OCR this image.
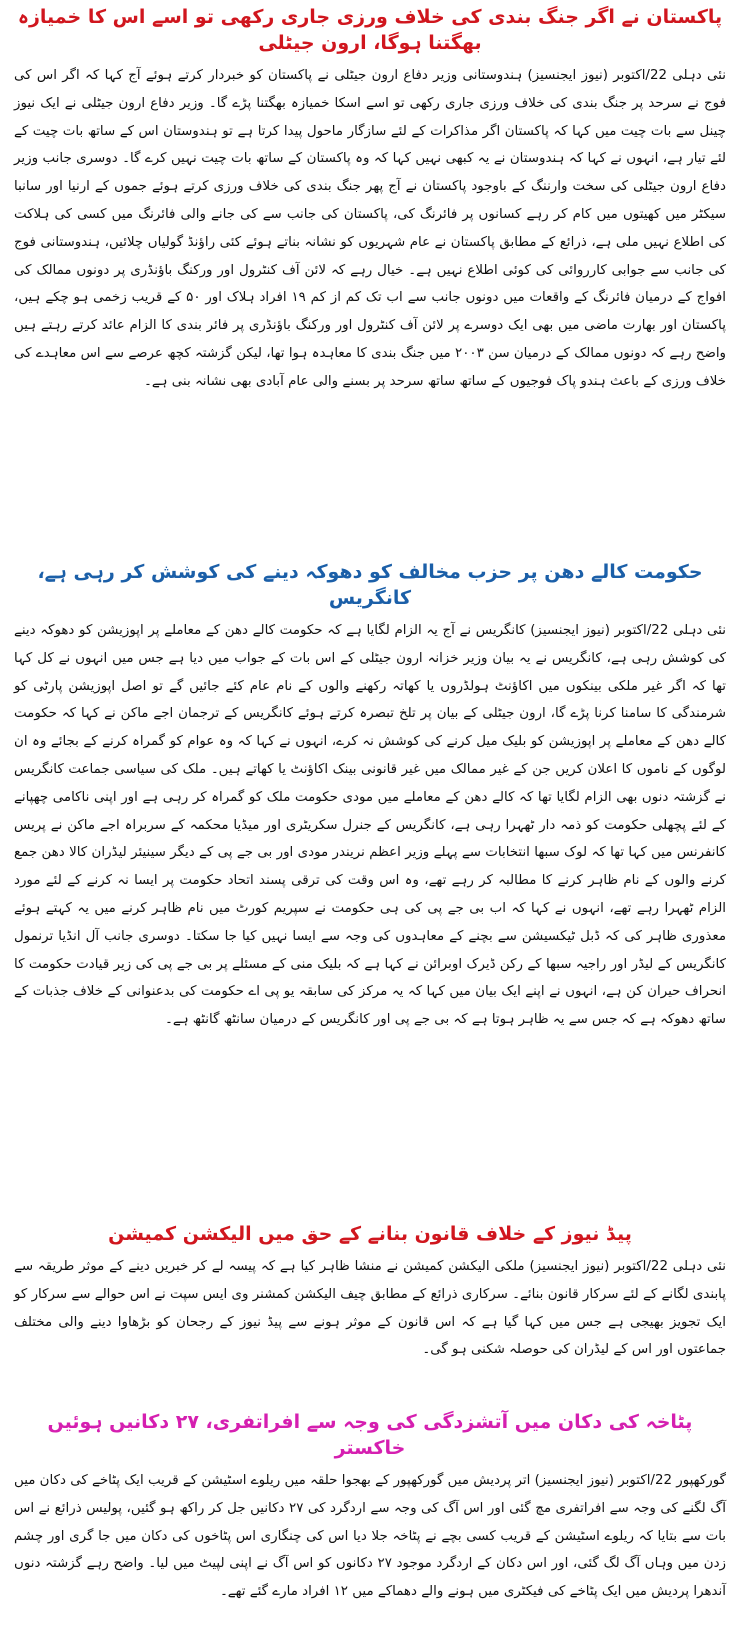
پاکستان نے اگر جنگ بندی کی خلاف ورزی جاری رکھی تو اسے اس کا خمیازہ بھگتنا ہوگا، ارون جیٹلی

نئی دہلی 22/اکتوبر (نیوز ایجنسیز) ہندوستانی وزیر دفاع ارون جیٹلی نے پاکستان کو خبردار کرتے ہوئے آج کہا کہ اگر اس کی فوج نے سرحد پر جنگ بندی کی خلاف ورزی جاری رکھی تو اسے اسکا خمیازہ بھگتنا پڑے گا۔ وزیر دفاع ارون جیٹلی نے ایک نیوز چینل سے بات چیت میں کہا کہ پاکستان اگر مذاکرات کے لئے سازگار ماحول پیدا کرتا ہے تو ہندوستان اس کے ساتھ بات چیت کے لئے تیار ہے، انہوں نے کہا کہ ہندوستان نے یہ کبھی نہیں کہا کہ وہ پاکستان کے ساتھ بات چیت نہیں کرے گا۔ دوسری جانب وزیر دفاع ارون جیٹلی کی سخت وارننگ کے باوجود پاکستان نے آج پھر جنگ بندی کی خلاف ورزی کرتے ہوئے جموں کے ارنیا اور سانبا سیکٹر میں کھیتوں میں کام کر رہے کسانوں پر فائرنگ کی، پاکستان کی جانب سے کی جانے والی فائرنگ میں کسی کی ہلاکت کی اطلاع نہیں ملی ہے، ذرائع کے مطابق پاکستان نے عام شہریوں کو نشانہ بناتے ہوئے کئی راؤنڈ گولیاں چلائیں، ہندوستانی فوج کی جانب سے جوابی کارروائی کی کوئی اطلاع نہیں ہے۔ خیال رہے کہ لائن آف کنٹرول اور ورکنگ باؤنڈری پر دونوں ممالک کی افواج کے درمیان فائرنگ کے واقعات میں دونوں جانب سے اب تک کم از کم ۱۹ افراد ہلاک اور ۵۰ کے قریب زخمی ہو چکے ہیں، پاکستان اور بھارت ماضی میں بھی ایک دوسرے پر لائن آف کنٹرول اور ورکنگ باؤنڈری پر فائر بندی کا الزام عائد کرتے رہتے ہیں واضح رہے کہ دونوں ممالک کے درمیان سن ۲۰۰۳ میں جنگ بندی کا معاہدہ ہوا تھا، لیکن گزشتہ کچھ عرصے سے اس معاہدے کی خلاف ورزی کے باعث ہندو پاک فوجیوں کے ساتھ ساتھ سرحد پر بسنے والی عام آبادی بھی نشانہ بنی ہے۔

حکومت کالے دھن پر حزب مخالف کو دھوکہ دینے کی کوشش کر رہی ہے، کانگریس

نئی دہلی 22/اکتوبر (نیوز ایجنسیز) کانگریس نے آج یہ الزام لگایا ہے کہ حکومت کالے دھن کے معاملے پر اپوزیشن کو دھوکہ دینے کی کوشش رہی ہے، کانگریس نے یہ بیان وزیر خزانہ ارون جیٹلی کے اس بات کے جواب میں دیا ہے جس میں انہوں نے کل کہا تھا کہ اگر غیر ملکی بینکوں میں اکاؤنٹ ہولڈروں یا کھاتہ رکھنے والوں کے نام عام کئے جائیں گے تو اصل اپوزیشن پارٹی کو شرمندگی کا سامنا کرنا پڑے گا، ارون جیٹلی کے بیان پر تلخ تبصرہ کرتے ہوئے کانگریس کے ترجمان اجے ماکن نے کہا کہ حکومت کالے دھن کے معاملے پر اپوزیشن کو بلیک میل کرنے کی کوشش نہ کرے، انہوں نے کہا کہ وہ عوام کو گمراہ کرنے کے بجائے وہ ان لوگوں کے ناموں کا اعلان کریں جن کے غیر ممالک میں غیر قانونی بینک اکاؤنٹ یا کھاتے ہیں۔ ملک کی سیاسی جماعت کانگریس نے گزشتہ دنوں بھی الزام لگایا تھا کہ کالے دھن کے معاملے میں مودی حکومت ملک کو گمراہ کر رہی ہے اور اپنی ناکامی چھپانے کے لئے پچھلی حکومت کو ذمہ دار ٹھہرا رہی ہے، کانگریس کے جنرل سکریٹری اور میڈیا محکمہ کے سربراہ اجے ماکن نے پریس کانفرنس میں کہا تھا کہ لوک سبھا انتخابات سے پہلے وزیر اعظم نریندر مودی اور بی جے پی کے دیگر سینیئر لیڈران کالا دھن جمع کرنے والوں کے نام ظاہر کرنے کا مطالبہ کر رہے تھے، وہ اس وقت کی ترقی پسند اتحاد حکومت پر ایسا نہ کرنے کے لئے مورد الزام ٹھہرا رہے تھے، انہوں نے کہا کہ اب بی جے پی کی ہی حکومت نے سپریم کورٹ میں نام ظاہر کرنے میں یہ کہتے ہوئے معذوری ظاہر کی کہ ڈبل ٹیکسیشن سے بچنے کے معاہدوں کی وجہ سے ایسا نہیں کیا جا سکتا۔ دوسری جانب آل انڈیا ترنمول کانگریس کے لیڈر اور راجیہ سبھا کے رکن ڈیرک اوبرائن نے کہا ہے کہ بلیک منی کے مسئلے پر بی جے پی کی زیر قیادت حکومت کا انحراف حیران کن ہے، انہوں نے اپنے ایک بیان میں کہا کہ یہ مرکز کی سابقہ یو پی اے حکومت کی بدعنوانی کے خلاف جذبات کے ساتھ دھوکہ ہے کہ جس سے یہ ظاہر ہوتا ہے کہ بی جے پی اور کانگریس کے درمیان سانٹھ گانٹھ ہے۔

پیڈ نیوز کے خلاف قانون بنانے کے حق میں الیکشن کمیشن

نئی دہلی 22/اکتوبر (نیوز ایجنسیز) ملکی الیکشن کمیشن نے منشا ظاہر کیا ہے کہ پیسہ لے کر خبریں دینے کے موثر طریقہ سے پابندی لگانے کے لئے سرکار قانون بنائے۔ سرکاری ذرائع کے مطابق چیف الیکشن کمشنر وی ایس سپت نے اس حوالے سے سرکار کو ایک تجویز بھیجی ہے جس میں کہا گیا ہے کہ اس قانون کے موثر ہونے سے پیڈ نیوز کے رجحان کو بڑھاوا دینے والی مختلف جماعتوں اور اس کے لیڈران کی حوصلہ شکنی ہو گی۔

پٹاخہ کی دکان میں آتشزدگی کی وجہ سے افراتفری، ۲۷ دکانیں ہوئیں خاکستر

گورکھپور 22/اکتوبر (نیوز ایجنسیز) اتر پردیش میں گورکھپور کے بھجوا حلقہ میں ریلوے اسٹیشن کے قریب ایک پٹاخے کی دکان میں آگ لگنے کی وجہ سے افراتفری مچ گئی اور اس آگ کی وجہ سے اردگرد کی ۲۷ دکانیں جل کر راکھ ہو گئیں، پولیس ذرائع نے اس بات سے بتایا کہ ریلوے اسٹیشن کے قریب کسی بچے نے پٹاخہ جلا دیا اس کی چنگاری اس پٹاخوں کی دکان میں جا گری اور چشم زدن میں وہاں آگ لگ گئی، اور اس دکان کے اردگرد موجود ۲۷ دکانوں کو اس آگ نے اپنی لپیٹ میں لیا۔ واضح رہے گزشتہ دنوں آندھرا پردیش میں ایک پٹاخے کی فیکٹری میں ہونے والے دھماکے میں ۱۲ افراد مارے گئے تھے۔
